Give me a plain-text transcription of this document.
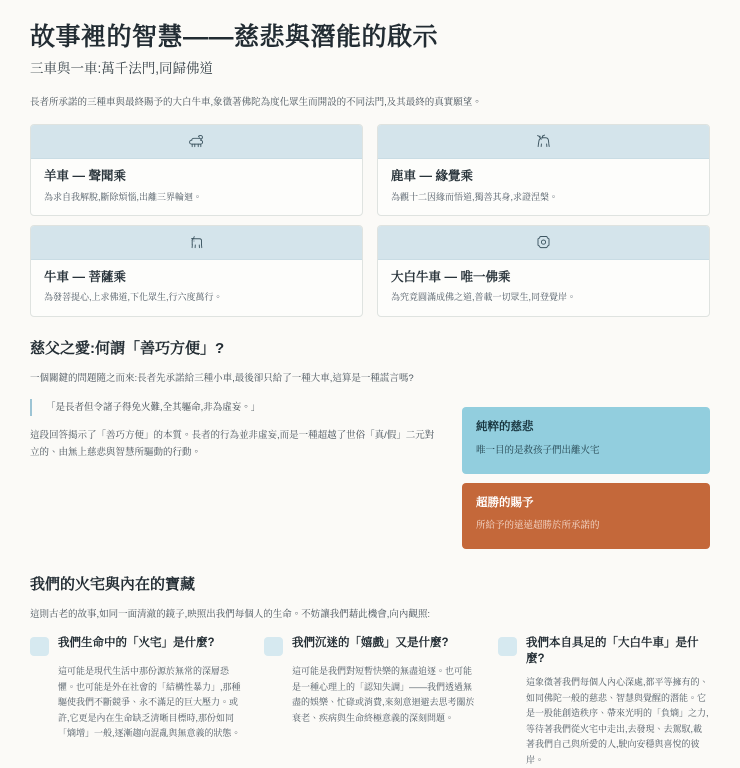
故事裡的智慧——慈悲與潛能的啟示
三車與一車:萬千法門,同歸佛道

長者所承諾的三種車與最終賜予的大白牛車,象徵著佛陀為度化眾生而開設的不同法門,及其最終的真實願望。

羊車 — 聲聞乘

為求自我解脫,斷除煩惱,出離三界輪迴。

鹿車 — 緣覺乘

為觀十二因緣而悟道,獨善其身,求證涅槃。

牛車 — 菩薩乘

為發菩提心,上求佛道,下化眾生,行六度萬行。

大白牛車 — 唯一佛乘

為究竟圓滿成佛之道,普載一切眾生,同登覺岸。

慈父之愛:何謂「善巧方便」?

一個關鍵的問題隨之而來:長者先承諾給三種小車,最後卻只給了一種大車,這算是一種謊言嗎?

「是長者但令諸子得免火難,全其軀命,非為虛妄。」

這段回答揭示了「善巧方便」的本質。長者的行為並非虛妄,而是一種超越了世俗「真/假」二元對立的、由無上慈悲與智慧所驅動的行動。

純粹的慈悲

唯一目的是救孩子們出離火宅

超勝的賜予

所給予的遠遠超勝於所承諾的

我們的火宅與內在的寶藏

這則古老的故事,如同一面清澈的鏡子,映照出我們每個人的生命。不妨讓我們藉此機會,向內觀照:

我們生命中的「火宅」是什麼?

這可能是現代生活中那份源於無常的深層恐懼。也可能是外在社會的「結構性暴力」,那種驅使我們不斷競爭、永不滿足的巨大壓力。或許,它更是內在生命缺乏清晰目標時,那份如同「熵增」一般,逐漸趨向混亂與無意義的狀態。

我們沉迷的「嬉戲」又是什麼?

這可能是我們對短暫快樂的無盡追逐。也可能是一種心理上的「認知失調」——我們透過無盡的娛樂、忙碌或消費,來刻意迴避去思考關於衰老、疾病與生命終極意義的深刻問題。

我們本自具足的「大白牛車」是什麼?

這象徵著我們每個人內心深處,都平等擁有的、如同佛陀一般的慈悲、智慧與覺醒的潛能。它是一股能創造秩序、帶來光明的「負熵」之力,等待著我們從火宅中走出,去發現、去駕馭,載著我們自己與所愛的人,駛向安穩與喜悅的彼岸。
